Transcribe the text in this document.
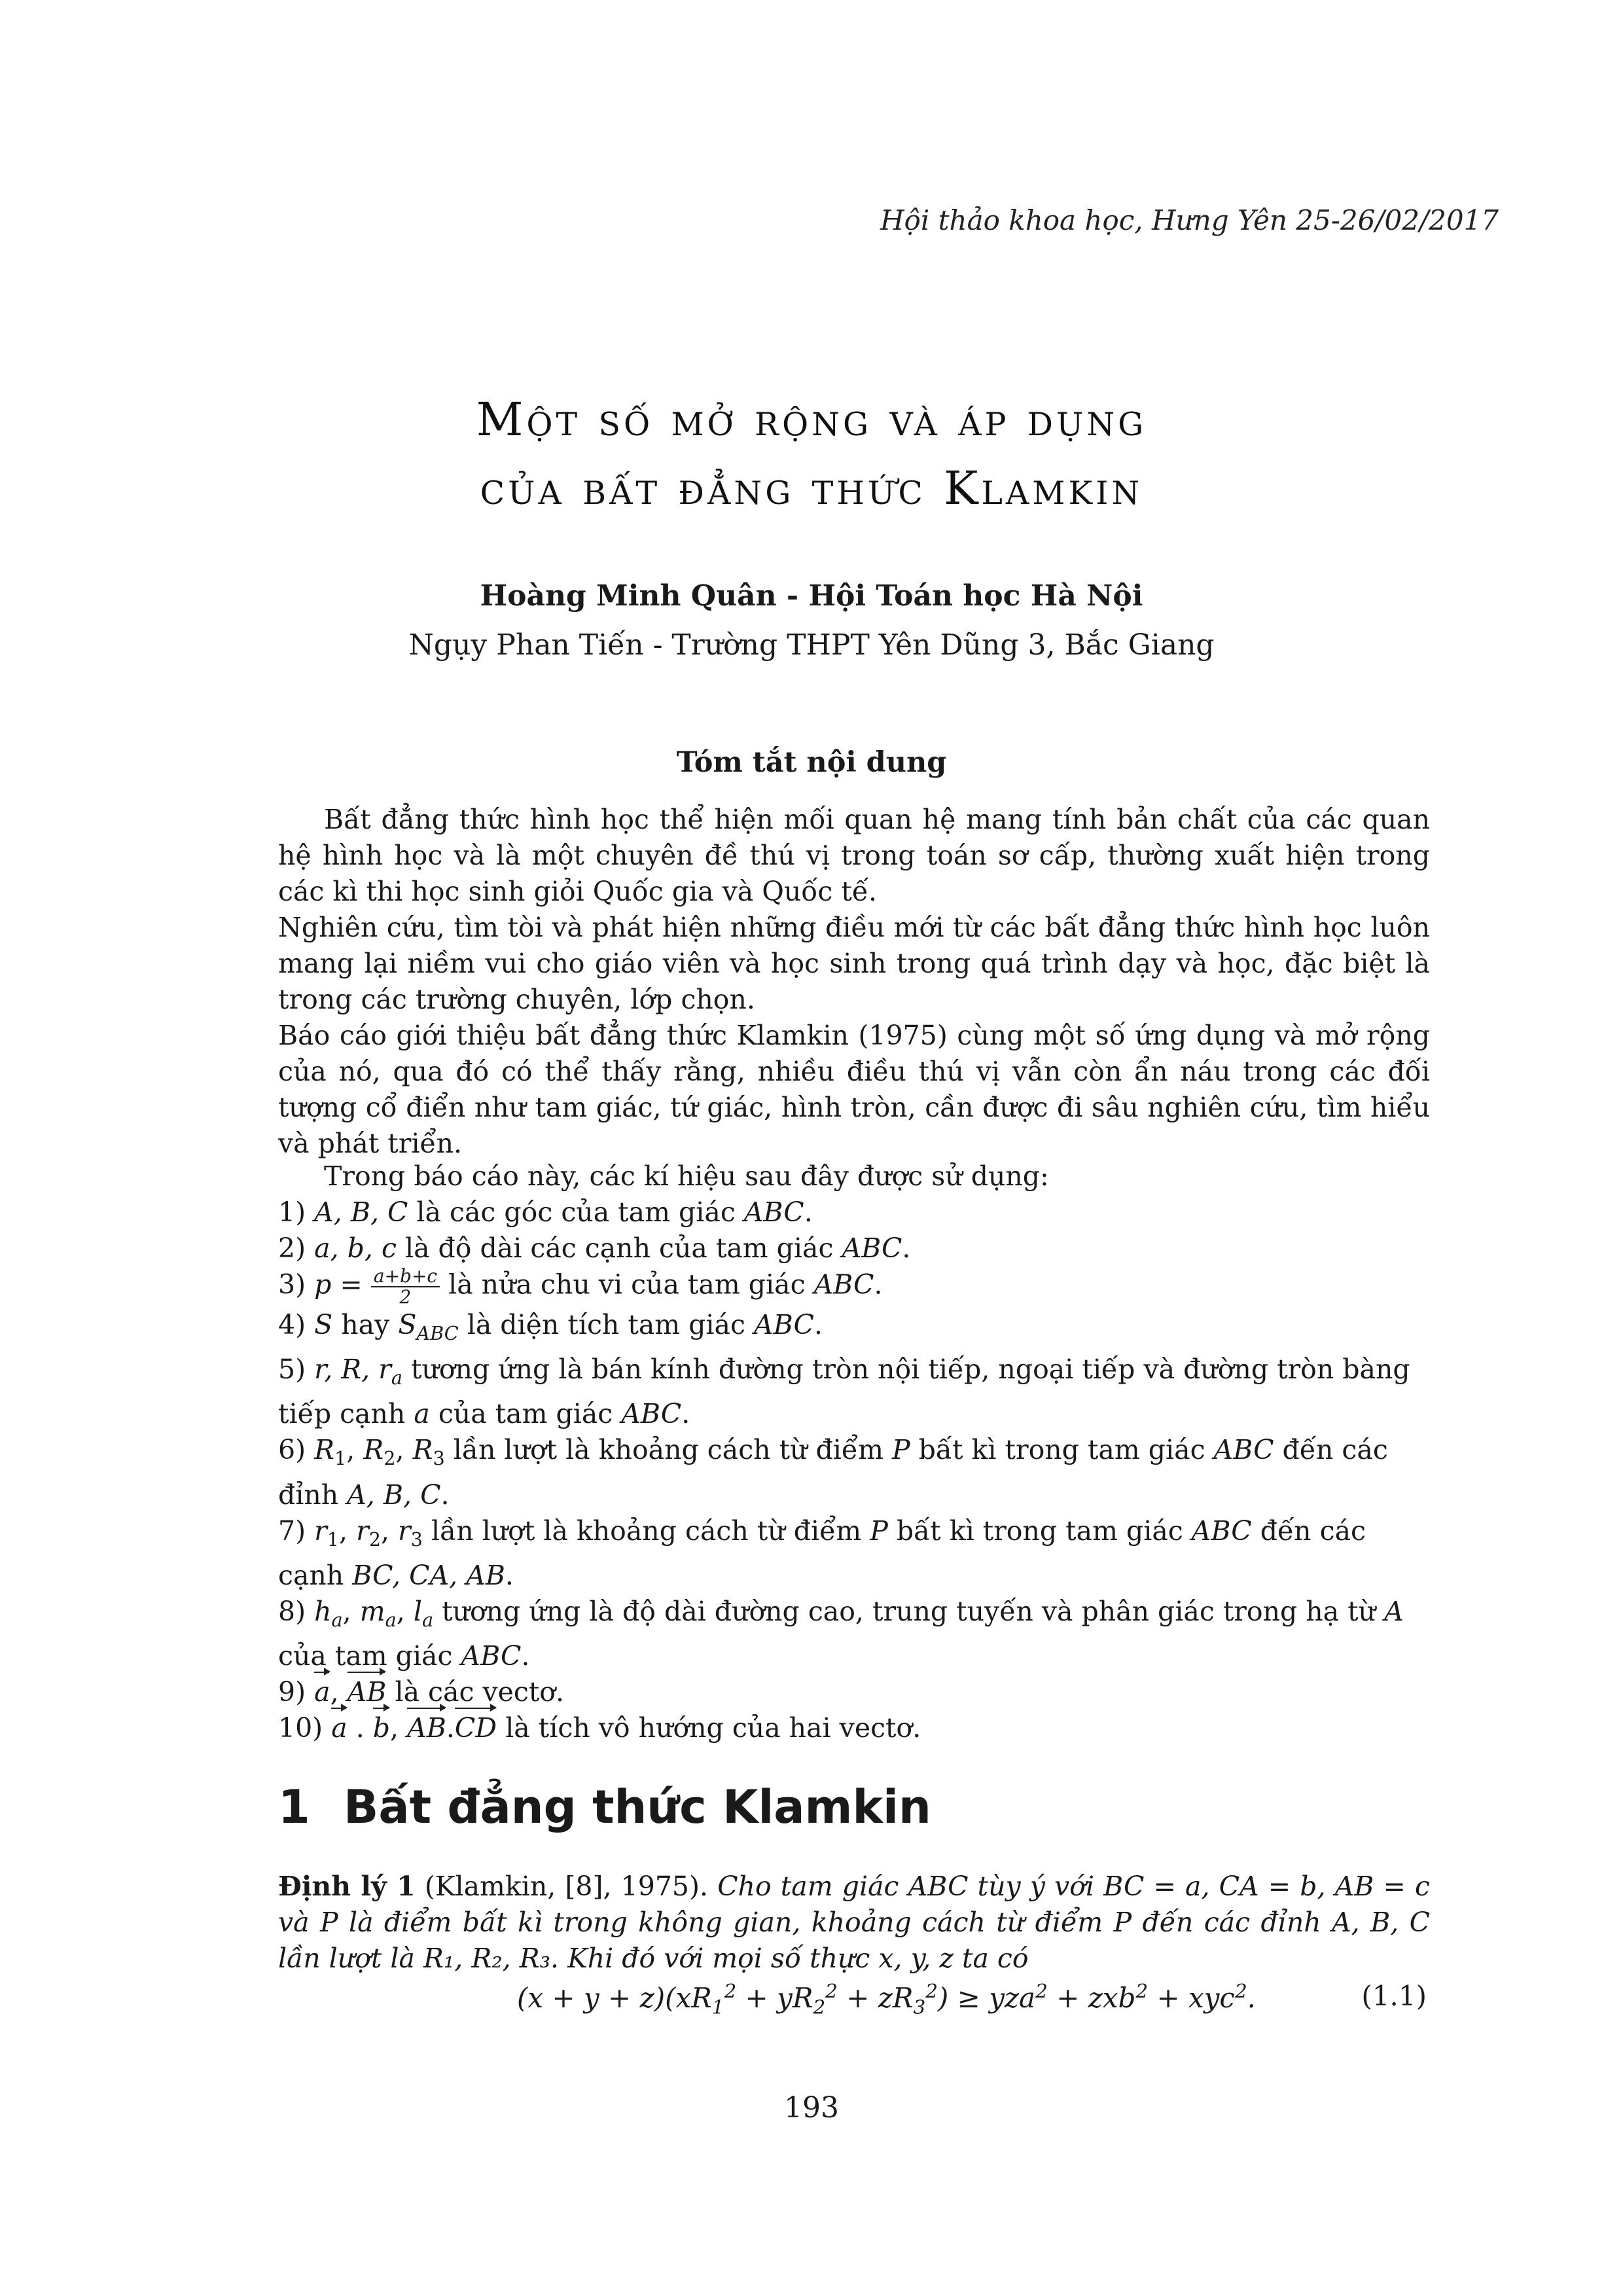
Hội thảo khoa học, Hưng Yên 25-26/02/2017
Một số mở rộng và áp dụng
của bất đẳng thức Klamkin
Hoàng Minh Quân - Hội Toán học Hà Nội
Ngụy Phan Tiến - Trường THPT Yên Dũng 3, Bắc Giang
Tóm tắt nội dung

Bất đẳng thức hình học thể hiện mối quan hệ mang tính bản chất của các quan hệ hình học và là một chuyên đề thú vị trong toán sơ cấp, thường xuất hiện trong các kì thi học sinh giỏi Quốc gia và Quốc tế.

Nghiên cứu, tìm tòi và phát hiện những điều mới từ các bất đẳng thức hình học luôn mang lại niềm vui cho giáo viên và học sinh trong quá trình dạy và học, đặc biệt là trong các trường chuyên, lớp chọn.

Báo cáo giới thiệu bất đẳng thức Klamkin (1975) cùng một số ứng dụng và mở rộng của nó, qua đó có thể thấy rằng, nhiều điều thú vị vẫn còn ẩn náu trong các đối tượng cổ điển như tam giác, tứ giác, hình tròn, cần được đi sâu nghiên cứu, tìm hiểu và phát triển.

Trong báo cáo này, các kí hiệu sau đây được sử dụng:

1) A, B, C là các góc của tam giác ABC.

2) a, b, c là độ dài các cạnh của tam giác ABC.

3) $p = \frac{a+b+c}{2}$ là nửa chu vi của tam giác ABC.

4) S hay $S_{ABC}$ là diện tích tam giác ABC.

5) r, R, $r_a$ tương ứng là bán kính đường tròn nội tiếp, ngoại tiếp và đường tròn bàng tiếp cạnh a của tam giác ABC.

6) $R_1$, $R_2$, $R_3$ lần lượt là khoảng cách từ điểm P bất kì trong tam giác ABC đến các đỉnh A, B, C.

7) $r_1$, $r_2$, $r_3$ lần lượt là khoảng cách từ điểm P bất kì trong tam giác ABC đến các cạnh BC, CA, AB.

8) $h_a$, $m_a$, $l_a$ tương ứng là độ dài đường cao, trung tuyến và phân giác trong hạ từ A của tam giác ABC.

9) a, AB là các vectơ.

10) a . b, AB.CD là tích vô hướng của hai vectơ.

1 Bất đẳng thức Klamkin
Định lý 1 (Klamkin, [8], 1975). Cho tam giác ABC tùy ý với BC = a, CA = b, AB = c và P là điểm bất kì trong không gian, khoảng cách từ điểm P đến các đỉnh A, B, C lần lượt là R₁, R₂, R₃. Khi đó với mọi số thực x, y, z ta có
$(x + y + z)(xR_1^2 + yR_2^2 + zR_3^2) \ge yza^2 + zxb^2 + xyc^2$.	(1.1)
193
